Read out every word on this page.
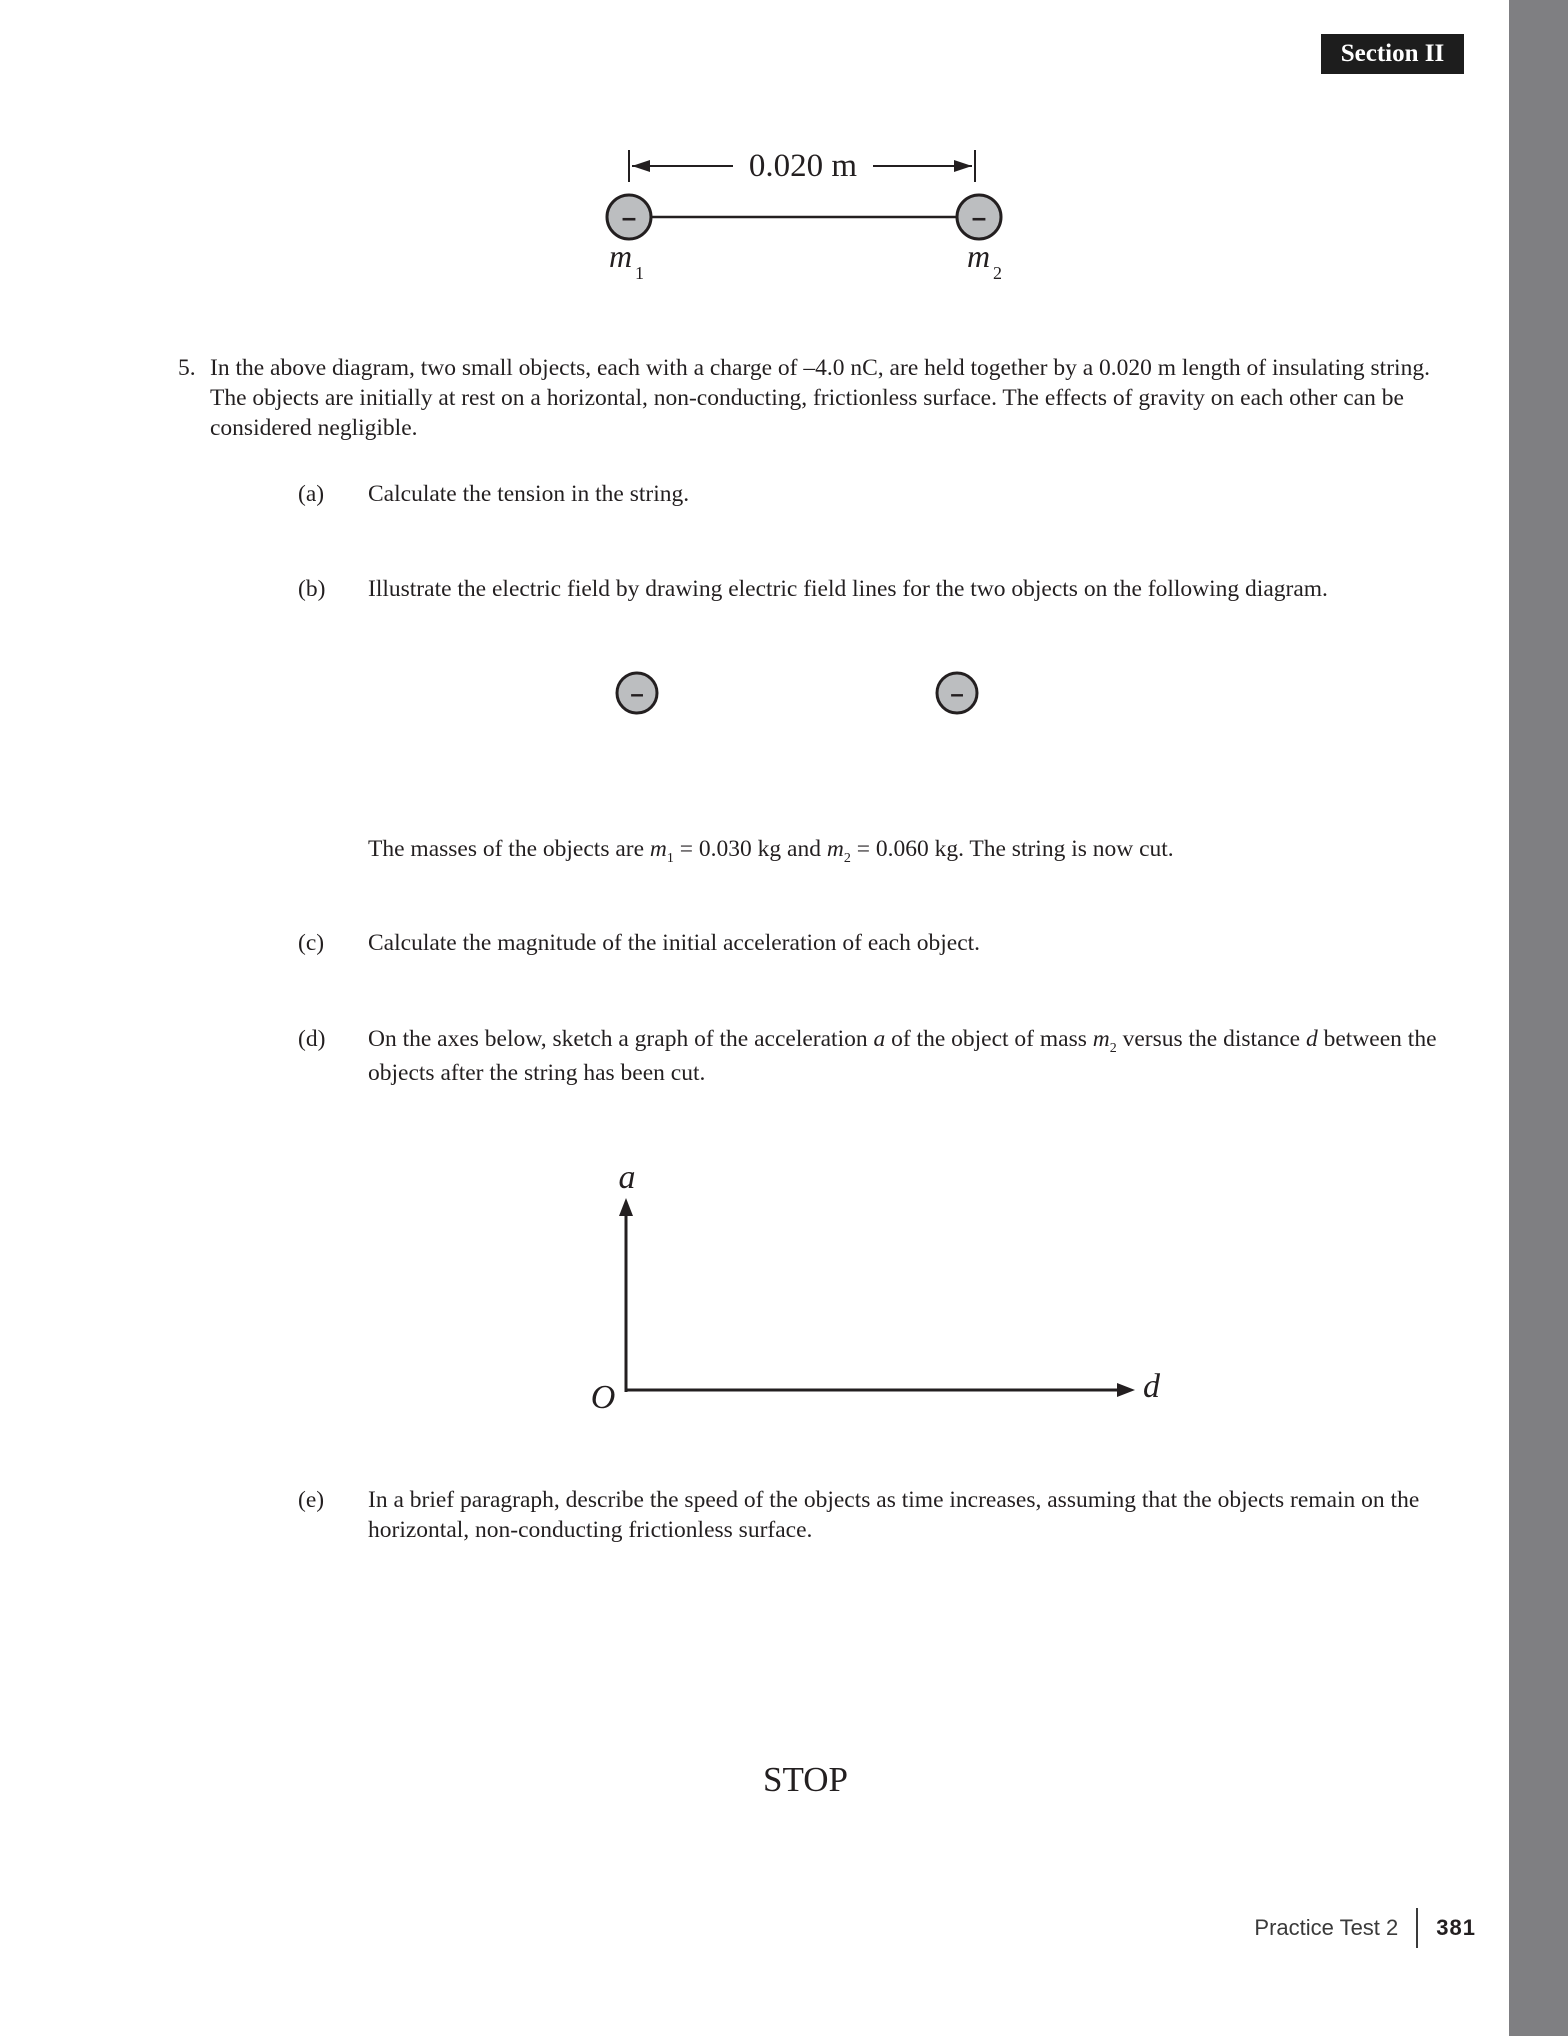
Section II
0.020 m
–	–
m 1	m 2
–	–
a
d
O
5. In the above diagram, two small objects, each with a charge of –4.0 nC, are held together by a 0.020 m length of insulating string. The objects are initially at rest on a horizontal, non-conducting, frictionless surface. The effects of gravity on each other can be considered negligible.
(a) Calculate the tension in the string.
(b) Illustrate the electric field by drawing electric field lines for the two objects on the following diagram.
The masses of the objects are $m_1 = 0.030$ kg and $m_2 = 0.060$ kg. The string is now cut.
(c) Calculate the magnitude of the initial acceleration of each object.
(d) On the axes below, sketch a graph of the acceleration a of the object of mass $m_2$ versus the distance d between the objects after the string has been cut.
(e) In a brief paragraph, describe the speed of the objects as time increases, assuming that the objects remain on the horizontal, non-conducting frictionless surface.
STOP
Practice Test 2 381
